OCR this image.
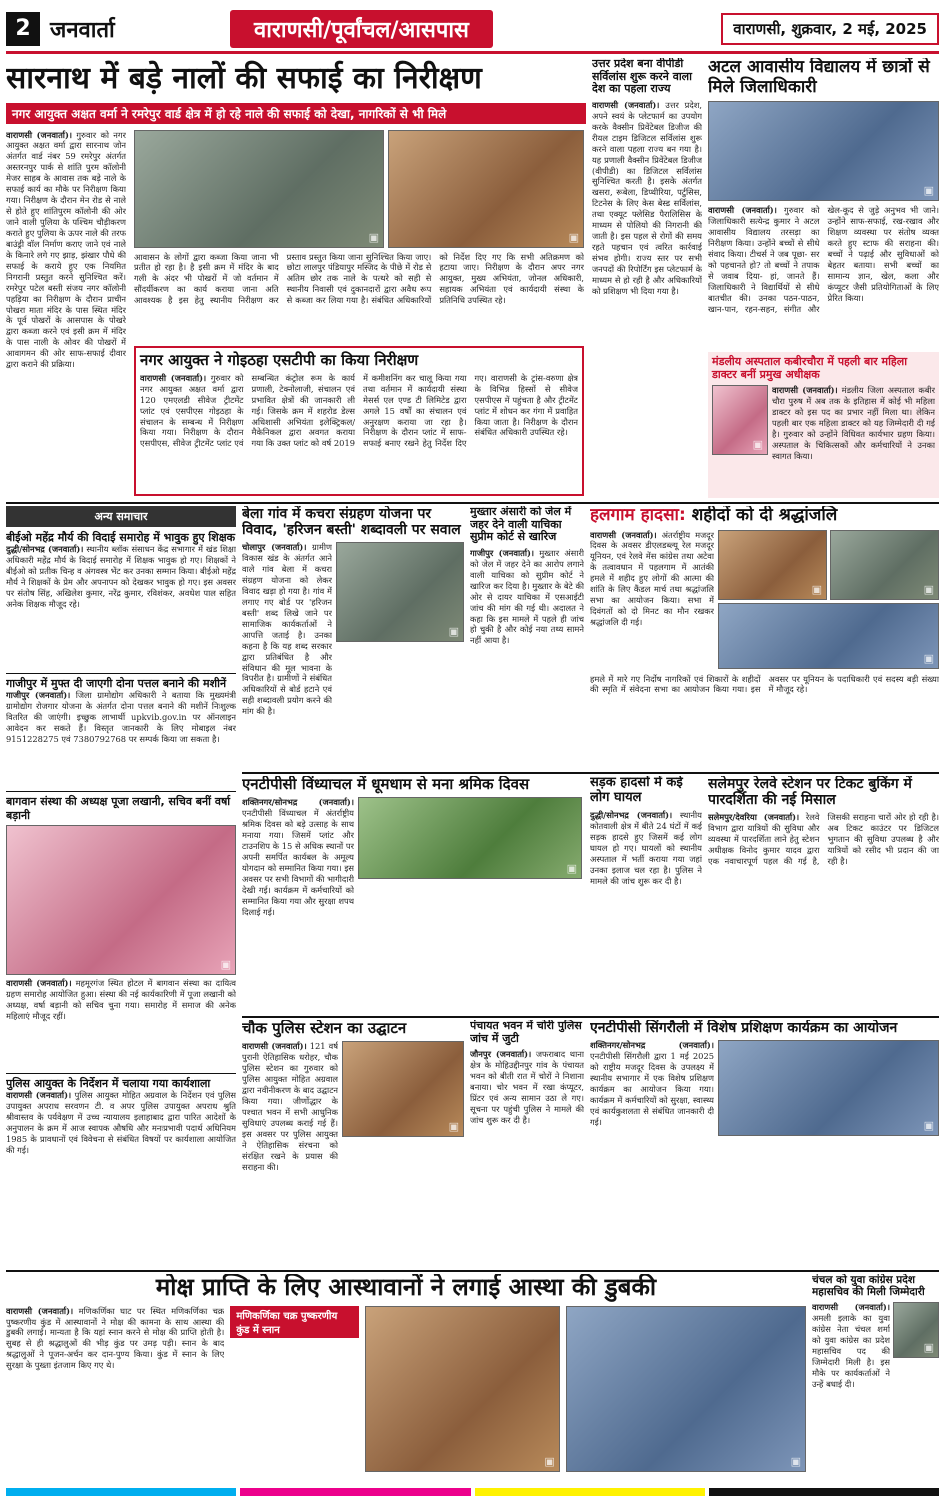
2 जनवार्ता	वाराणसी/पूर्वांचल/आसपास	वाराणसी, शुक्रवार, 2 मई, 2025
सारनाथ में बड़े नालों की सफाई का निरीक्षण
नगर आयुक्त अक्षत वर्मा ने रमरेपुर वार्ड क्षेत्र में हो रहे नाले की सफाई को देखा, नागरिकों से भी मिले
वाराणसी (जनवार्ता)। गुरुवार को नगर आयुक्त अक्षत वर्मा द्वारा सारनाथ जोन अंतर्गत वार्ड नंबर 59 रमरेपुर अंतर्गत अस्तरनपुर पार्क से शांति पुरम कॉलोनी मेजर साहब के आवास तक बड़े नाले के सफाई कार्य का मौके पर निरीक्षण किया गया। निरीक्षण के दौरान मेन रोड से नाले से होते हुए शांतिपुरम कॉलोनी की ओर जाने वाली पुलिया के पश्चिम चौड़ीकरण कराते हुए पुलिया के ऊपर नाले की तरफ बाउंड्री वॉल निर्माण कराए जाने एवं नाले के किनारे लगे गए झाड़, झंखार पौधे की सफाई के कराये हुए एक नियमित निगरानी प्रस्तुत करने सुनिश्चित करें। रमरेपुर पटेल बस्ती संजय नगर कॉलोनी पहड़िया का निरीक्षण के दौरान प्राचीन पोखरा माता मंदिर के पास स्थित मंदिर के पूर्व पोखरों के आसपास के पोखरे द्वारा कब्जा करने एवं इसी क्रम में मंदिर के पास नाली के ओवर की पोखरों में आवागमन की ओर साफ-सफाई दीवार द्वारा कराने की प्रक्रिया।
▣	▣
आवासन के लोगों द्वारा कब्जा किया जाना भी प्रतीत हो रहा है। है इसी क्रम में मंदिर के बाद गली के अंदर भी पोखरों में जो वर्तमान में सौंदर्यीकरण का कार्य कराया जाना अति आवश्यक है इस हेतु स्थानीय निरीक्षण कर प्रस्ताव प्रस्तुत किया जाना सुनिश्चित किया जाए। छोटा लालपुर पंडियापुर मस्जिद के पीछे में रोड से अतिम छोर तक नाले के पत्थरे को सही से स्थानीय निवासी एवं दुकानदारों द्वारा अवैध रूप से कब्जा कर लिया गया है। संबंधित अधिकारियों को निर्देश दिए गए कि सभी अतिक्रमण को हटाया जाए। निरीक्षण के दौरान अपर नगर आयुक्त, मुख्य अभियंता, जोनल अधिकारी, सहायक अभियंता एवं कार्यदायी संस्था के प्रतिनिधि उपस्थित रहे।
नगर आयुक्त ने गोइठहा एसटीपी का किया निरीक्षण
वाराणसी (जनवार्ता)। गुरुवार को नगर आयुक्त अक्षत वर्मा द्वारा 120 एमएलडी सीवेज ट्रीटमेंट प्लांट एवं एसपीएस गोइठहा के संचालन के सम्बन्ध में निरीक्षण किया गया। निरीक्षण के दौरान एसपीएस, सीवेज ट्रीटमेंट प्लांट एवं सम्बन्धित कंट्रोल रूम के कार्य प्रणाली, टेक्नोलाजी, संचालन एवं प्रभावित क्षेत्रों की जानकारी ली गई। जिसके क्रम में शहरोड डेल्स अधिशासी अभियंता इलेक्ट्रिकल/मैकेनिकल द्वारा अवगत कराया गया कि उक्त प्लांट को वर्ष 2019 में कमीशनिंग कर चालू किया गया तथा वर्तमान में कार्यदायी संस्था मेसर्स एल एण्ड टी लिमिटेड द्वारा अगले 15 वर्षों का संचालन एवं अनुरक्षण कराया जा रहा है। निरीक्षण के दौरान प्लांट में साफ-सफाई बनाए रखने हेतु निर्देश दिए गए। वाराणसी के ट्रांस-वरुणा क्षेत्र के विभिन्न हिस्सों से सीवेज एसपीएस में पहुंचता है और ट्रीटमेंट प्लांट में शोधन कर गंगा में प्रवाहित किया जाता है। निरीक्षण के दौरान संबंधित अधिकारी उपस्थित रहे।
उत्तर प्रदेश बना वीपीडी सर्विलांस शुरू करने वाला देश का पहला राज्य
वाराणसी (जनवार्ता)। उत्तर प्रदेश, अपने स्वयं के प्लेटफार्म का उपयोग करके वैक्सीन प्रिवेंटेबल डिजीज की रीयल टाइम डिजिटल सर्विलांस शुरू करने वाला पहला राज्य बन गया है। यह प्रणाली वैक्सीन प्रिवेंटेबल डिजीज (वीपीडी) का डिजिटल सर्विलांस सुनिश्चित करती है। इसके अंतर्गत खसरा, रूबेला, डिप्थीरिया, पर्टुसिस, टिटनेस के लिए केस बेस्ड सर्विलांस, तथा एक्यूट फ्लेसिड पैरालिसिस के माध्यम से पोलियो की निगरानी की जाती है। इस पहल से रोगों की समय रहते पहचान एवं त्वरित कार्रवाई संभव होगी। राज्य स्तर पर सभी जनपदों की रिपोर्टिंग इस प्लेटफार्म के माध्यम से हो रही है और अधिकारियों को प्रशिक्षण भी दिया गया है।
अटल आवासीय विद्यालय में छात्रों से मिले जिलाधिकारी
▣
वाराणसी (जनवार्ता)। गुरुवार को जिलाधिकारी सत्येन्द्र कुमार ने अटल आवासीय विद्यालय तरसड़ा का निरीक्षण किया। उन्होंने बच्चों से सीधे संवाद किया। टीचर्स ने जब पूछा- सर को पहचानते हो? तो बच्चों ने तपाक से जवाब दिया- हां, जानते हैं। जिलाधिकारी ने विद्यार्थियों से सीधे बातचीत की। उनका पठन-पाठन, खान-पान, रहन-सहन, संगीत और खेल-कूद से जुड़े अनुभव भी जाने। उन्होंने साफ-सफाई, रख-रखाव और शिक्षण व्यवस्था पर संतोष व्यक्त करते हुए स्टाफ की सराहना की। बच्चों ने पढ़ाई और सुविधाओं को बेहतर बताया। सभी बच्चों का सामान्य ज्ञान, खेल, कला और कंप्यूटर जैसी प्रतियोगिताओं के लिए प्रेरित किया।
मंडलीय अस्पताल कबीरचौरा में पहली बार महिला डाक्टर बनीं प्रमुख अधीक्षक
▣
वाराणसी (जनवार्ता)। मंडलीय जिला अस्पताल कबीर चौरा पुरुष में अब तक के इतिहास में कोई भी महिला डाक्टर को इस पद का प्रभार नहीं मिला था। लेकिन पहली बार एक महिला डाक्टर को यह जिम्मेदारी दी गई है। गुरुवार को उन्होंने विधिवत कार्यभार ग्रहण किया। अस्पताल के चिकित्सकों और कर्मचारियों ने उनका स्वागत किया।
अन्य समाचार
बीईओ महेंद्र मौर्य की विदाई समारोह में भावुक हुए शिक्षक
दुद्धी/सोनभद्र (जनवार्ता)। स्थानीय ब्लॉक संसाधन केंद्र सभागार में खंड शिक्षा अधिकारी महेंद्र मौर्य के विदाई समारोह में शिक्षक भावुक हो गए। शिक्षकों ने बीईओ को प्रतीक चिन्ह व अंगवस्त्र भेंट कर उनका सम्मान किया। बीईओ महेंद्र मौर्य ने शिक्षकों के प्रेम और अपनापन को देखकर भावुक हो गए। इस अवसर पर संतोष सिंह, अखिलेश कुमार, नरेंद्र कुमार, रविशंकर, अवधेश पाल सहित अनेक शिक्षक मौजूद रहे।
गाजीपुर में मुफ्त दी जाएगी दोना पत्तल बनाने की मशीनें
गाजीपुर (जनवार्ता)। जिला ग्रामोद्योग अधिकारी ने बताया कि मुख्यमंत्री ग्रामोद्योग रोजगार योजना के अंतर्गत दोना पत्तल बनाने की मशीनें निःशुल्क वितरित की जाएंगी। इच्छुक लाभार्थी upkvib.gov.in पर ऑनलाइन आवेदन कर सकते हैं। विस्तृत जानकारी के लिए मोबाइल नंबर 9151228275 एवं 7380792768 पर सम्पर्क किया जा सकता है।
बागवान संस्था की अध्यक्ष पूजा लखानी, सचिव बनीं वर्षा बड़ानी
▣
वाराणसी (जनवार्ता)। महमूरगंज स्थित होटल में बागवान संस्था का दायित्व ग्रहण समारोह आयोजित हुआ। संस्था की नई कार्यकारिणी में पूजा लखानी को अध्यक्ष, वर्षा बड़ानी को सचिव चुना गया। समारोह में समाज की अनेक महिलाएं मौजूद रहीं।
पुलिस आयुक्त के निर्देशन में चलाया गया कार्यशाला
वाराणसी (जनवार्ता)। पुलिस आयुक्त मोहित अग्रवाल के निर्देशन एवं पुलिस उपायुक्त अपराध सरवणन टी. व अपर पुलिस उपायुक्त अपराध श्रुति श्रीवास्तव के पर्यवेक्षण में उच्च न्यायालय इलाहाबाद द्वारा पारित आदेशों के अनुपालन के क्रम में आज स्वापक औषधि और मनःप्रभावी पदार्थ अधिनियम 1985 के प्रावधानों एवं विवेचना से संबंधित विषयों पर कार्यशाला आयोजित की गई।
बेला गांव में कचरा संग्रहण योजना पर विवाद, 'हरिजन बस्ती' शब्दावली पर सवाल
चोलापुर (जनवार्ता)। ग्रामीण विकास खंड के अंतर्गत आने वाले गांव बेला में कचरा संग्रहण योजना को लेकर विवाद खड़ा हो गया है। गांव में लगाए गए बोर्ड पर 'हरिजन बस्ती' शब्द लिखे जाने पर सामाजिक कार्यकर्ताओं ने आपत्ति जताई है। उनका कहना है कि यह शब्द सरकार द्वारा प्रतिबंधित है और संविधान की मूल भावना के विपरीत है। ग्रामीणों ने संबंधित अधिकारियों से बोर्ड हटाने एवं सही शब्दावली प्रयोग करने की मांग की है।
▣
मुख्तार अंसारी को जेल में जहर देने वाली याचिका सुप्रीम कोर्ट से खारिज
गाजीपुर (जनवार्ता)। मुख्तार अंसारी को जेल में जहर देने का आरोप लगाने वाली याचिका को सुप्रीम कोर्ट ने खारिज कर दिया है। मुख्तार के बेटे की ओर से दायर याचिका में एसआईटी जांच की मांग की गई थी। अदालत ने कहा कि इस मामले में पहले ही जांच हो चुकी है और कोई नया तथ्य सामने नहीं आया है।
हलगाम हादसा: शहीदों को दी श्रद्धांजलि
वाराणसी (जनवार्ता)। अंतर्राष्ट्रीय मजदूर दिवस के अवसर डीएलडब्ल्यू रेल मजदूर यूनियन, एवं रेलवे मेंस कांग्रेस तथा अटेवा के तत्वावधान में पहलगाम में आतंकी हमले में शहीद हुए लोगों की आत्मा की शांति के लिए कैंडल मार्च तथा श्रद्धांजलि सभा का आयोजन किया। सभा में दिवंगतों को दो मिनट का मौन रखकर श्रद्धांजलि दी गई।
▣	▣
▣
हमले में मारे गए निर्दोष नागरिकों एवं शिकारों के शहीदों की स्मृति में संवेदना सभा का आयोजन किया गया। इस अवसर पर यूनियन के पदाधिकारी एवं सदस्य बड़ी संख्या में मौजूद रहे।
एनटीपीसी विंध्याचल में धूमधाम से मना श्रमिक दिवस
शक्तिनगर/सोनभद्र (जनवार्ता)। एनटीपीसी विंध्याचल में अंतर्राष्ट्रीय श्रमिक दिवस को बड़े उत्साह के साथ मनाया गया। जिसमें प्लांट और टाउनशिप के 15 से अधिक स्थानों पर अपनी समर्पित कार्यबल के अमूल्य योगदान को सम्मानित किया गया। इस अवसर पर सभी विभागों की भागीदारी देखी गई। कार्यक्रम में कर्मचारियों को सम्मानित किया गया और सुरक्षा शपथ दिलाई गई।
▣
सड़क हादसों में कई लोग घायल
दुद्धी/सोनभद्र (जनवार्ता)। स्थानीय कोतवाली क्षेत्र में बीते 24 घंटों में कई सड़क हादसे हुए जिसमें कई लोग घायल हो गए। घायलों को स्थानीय अस्पताल में भर्ती कराया गया जहां उनका इलाज चल रहा है। पुलिस ने मामले की जांच शुरू कर दी है।
सलेमपुर रेलवे स्टेशन पर टिकट बुकिंग में पारदर्शिता की नई मिसाल
सलेमपुर/देवरिया (जनवार्ता)। रेलवे विभाग द्वारा यात्रियों की सुविधा और व्यवस्था में पारदर्शिता लाने हेतु स्टेशन अधीक्षक विनोद कुमार यादव द्वारा एक नवाचारपूर्ण पहल की गई है, जिसकी सराहना चारों ओर हो रही है। अब टिकट काउंटर पर डिजिटल भुगतान की सुविधा उपलब्ध है और यात्रियों को रसीद भी प्रदान की जा रही है।
चौक पुलिस स्टेशन का उद्घाटन
वाराणसी (जनवार्ता)। 121 वर्ष पुरानी ऐतिहासिक धरोहर, चौक पुलिस स्टेशन का गुरुवार को पुलिस आयुक्त मोहित अग्रवाल द्वारा नवीनीकरण के बाद उद्घाटन किया गया। जीर्णोद्धार के पश्चात भवन में सभी आधुनिक सुविधाएं उपलब्ध कराई गई हैं। इस अवसर पर पुलिस आयुक्त ने ऐतिहासिक संरचना को संरक्षित रखने के प्रयास की सराहना की।
▣
पंचायत भवन में चोरी पुलिस जांच में जुटी
जौनपुर (जनवार्ता)। जफराबाद थाना क्षेत्र के मोहिउद्दीनपुर गांव के पंचायत भवन को बीती रात में चोरों ने निशाना बनाया। चोर भवन में रखा कंप्यूटर, प्रिंटर एवं अन्य सामान उठा ले गए। सूचना पर पहुंची पुलिस ने मामले की जांच शुरू कर दी है।
एनटीपीसी सिंगरौली में विशेष प्रशिक्षण कार्यक्रम का आयोजन
शक्तिनगर/सोनभद्र (जनवार्ता)। एनटीपीसी सिंगरौली द्वारा 1 मई 2025 को राष्ट्रीय मजदूर दिवस के उपलक्ष्य में स्थानीय सभागार में एक विशेष प्रशिक्षण कार्यक्रम का आयोजन किया गया। कार्यक्रम में कर्मचारियों को सुरक्षा, स्वास्थ्य एवं कार्यकुशलता से संबंधित जानकारी दी गई।	▣
मोक्ष प्राप्ति के लिए आस्थावानों ने लगाई आस्था की डुबकी
वाराणसी (जनवार्ता)। मणिकर्णिका घाट पर स्थित मणिकर्णिका चक्र पुष्करणीय कुंड में आस्थावानों ने मोक्ष की कामना के साथ आस्था की डुबकी लगाई। मान्यता है कि यहां स्नान करने से मोक्ष की प्राप्ति होती है। सुबह से ही श्रद्धालुओं की भीड़ कुंड पर उमड़ पड़ी। स्नान के बाद श्रद्धालुओं ने पूजन-अर्चन कर दान-पुण्य किया। कुंड में स्नान के लिए सुरक्षा के पुख्ता इंतजाम किए गए थे।
मणिकर्णिका चक्र पुष्करणीय कुंड में स्नान
▣	▣
चंचल को युवा कांग्रेस प्रदेश महासचिव की मिली जिम्मेदारी
वाराणसी (जनवार्ता)। अमली इलाके का युवा कांग्रेस नेता चंचल शर्मा को युवा कांग्रेस का प्रदेश महासचिव पद की जिम्मेदारी मिली है। इस मौके पर कार्यकर्ताओं ने उन्हें बधाई दी।
▣
